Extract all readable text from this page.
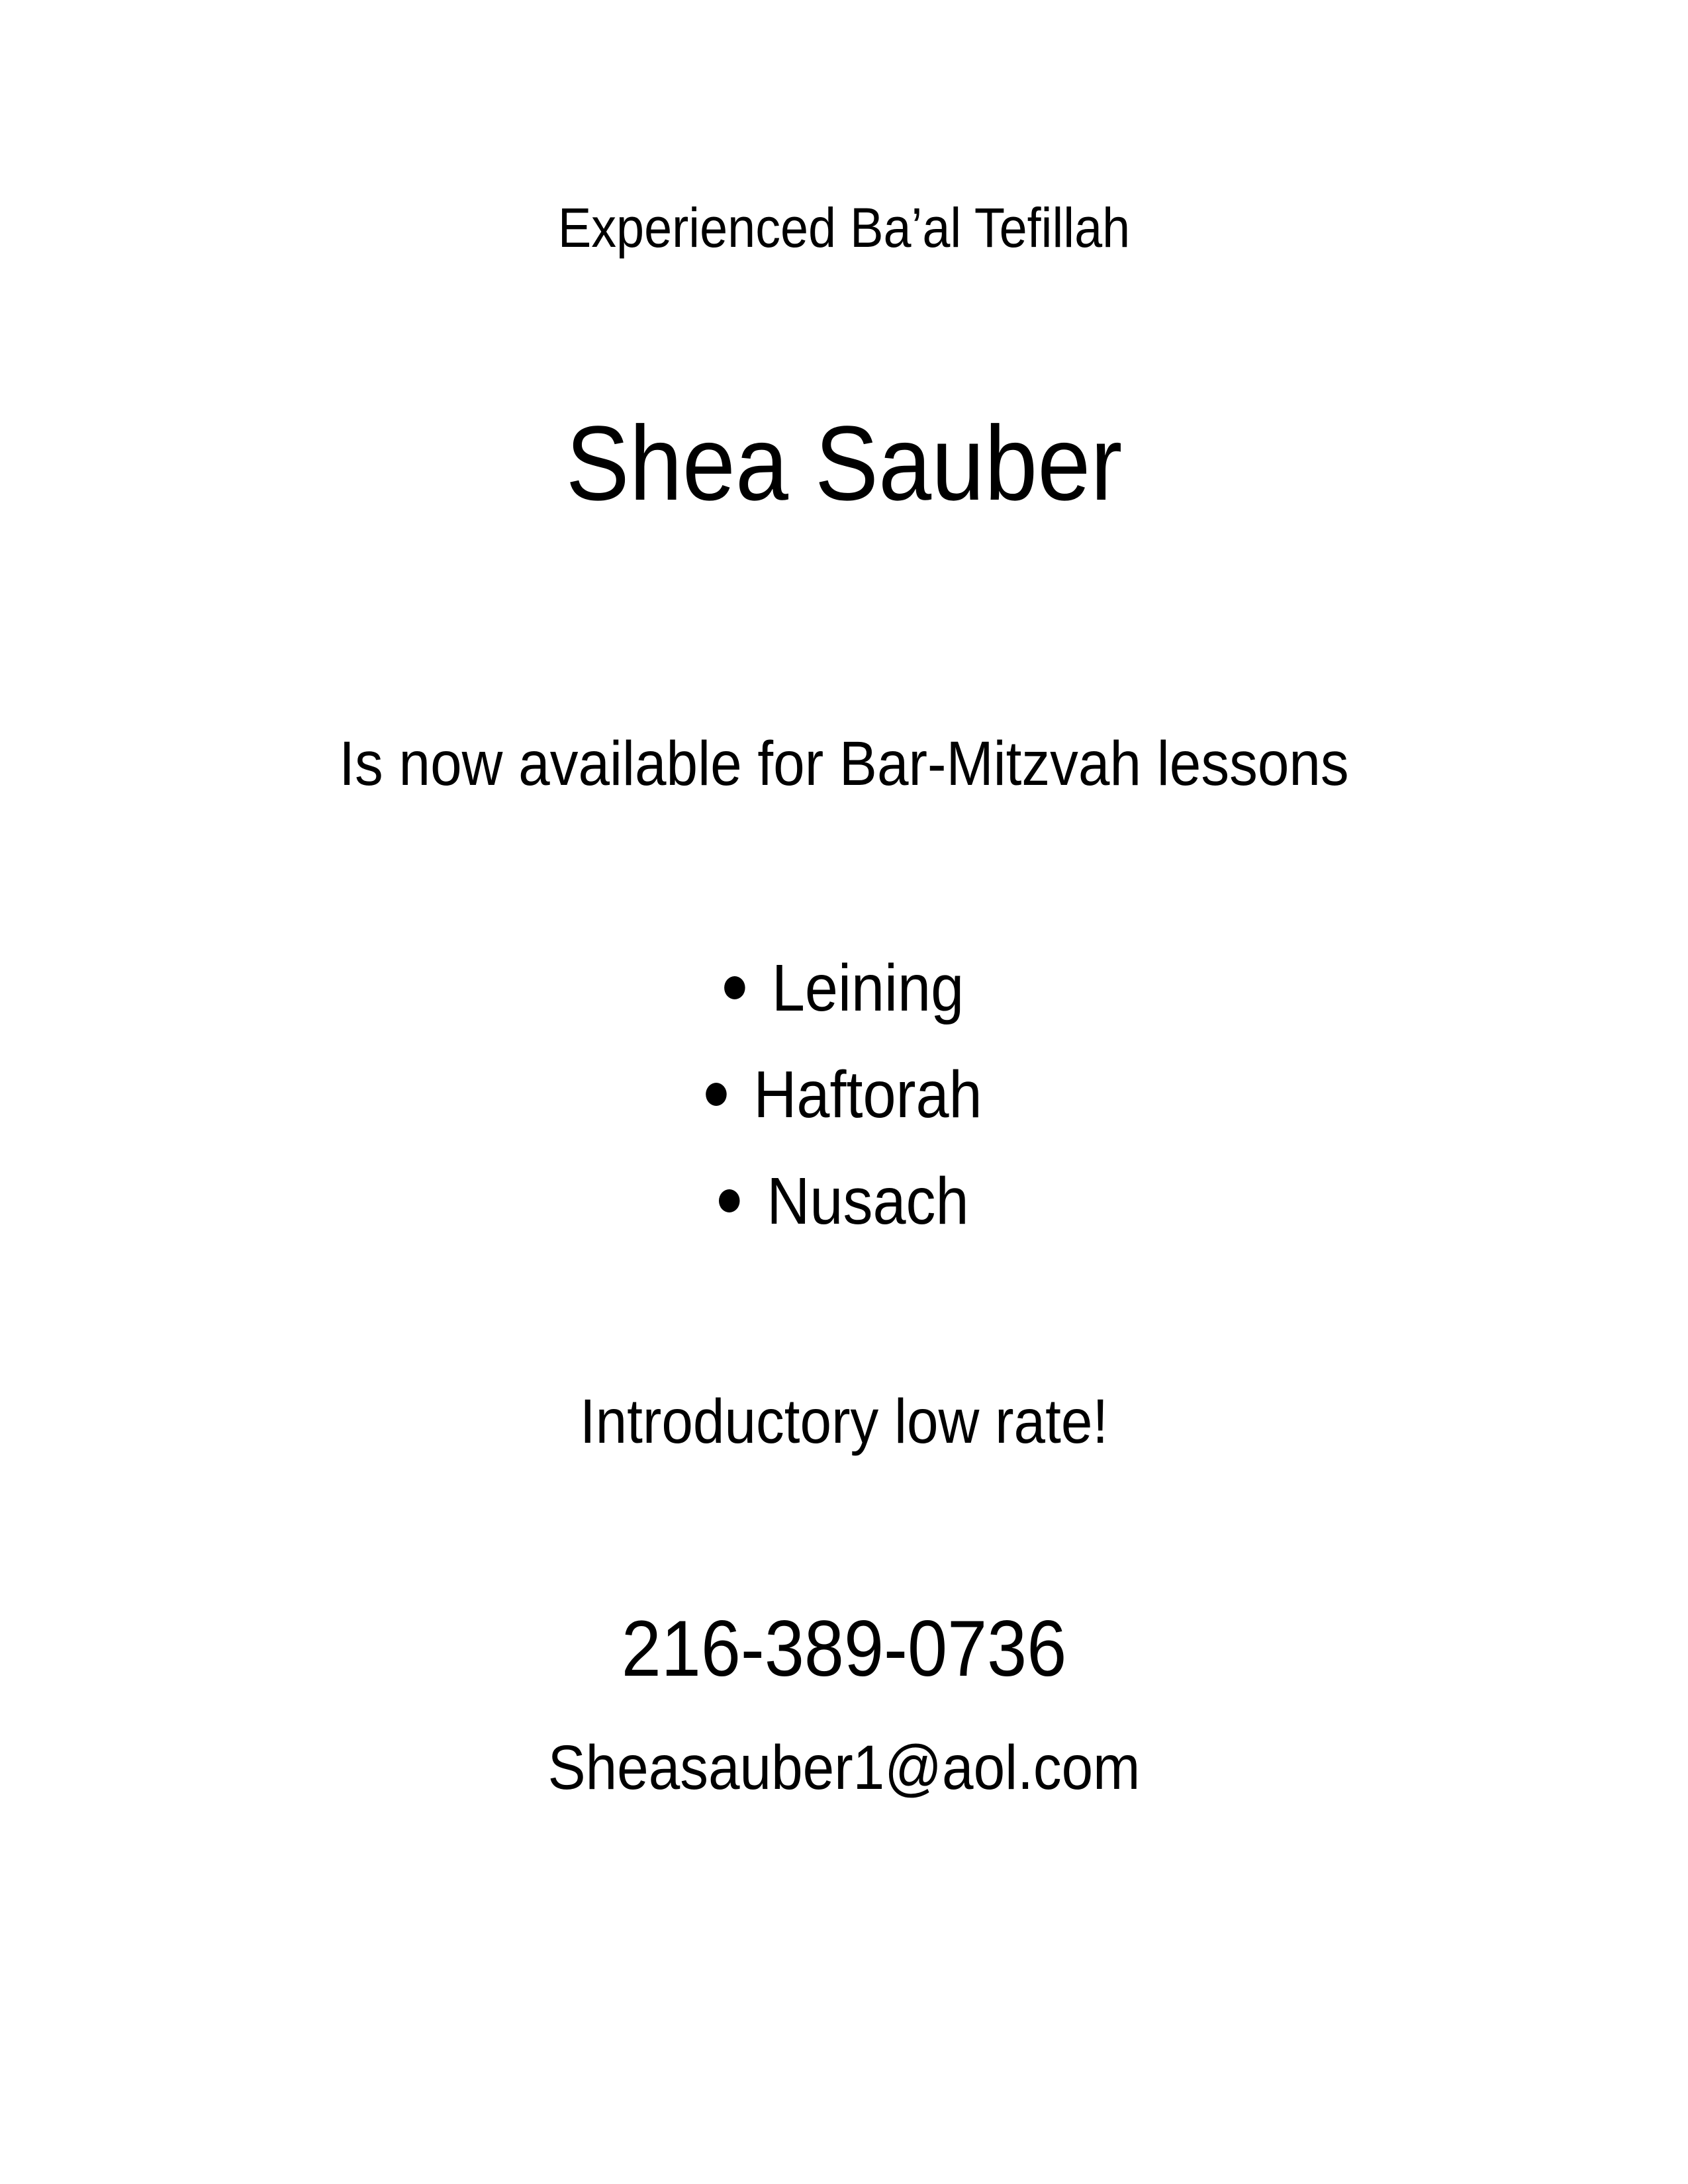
Experienced Ba’al Tefillah
Shea Sauber
Is now available for Bar-Mitzvah lessons
Leining
Haftorah
Nusach
Introductory low rate!
216-389-0736
Sheasauber1@aol.com
